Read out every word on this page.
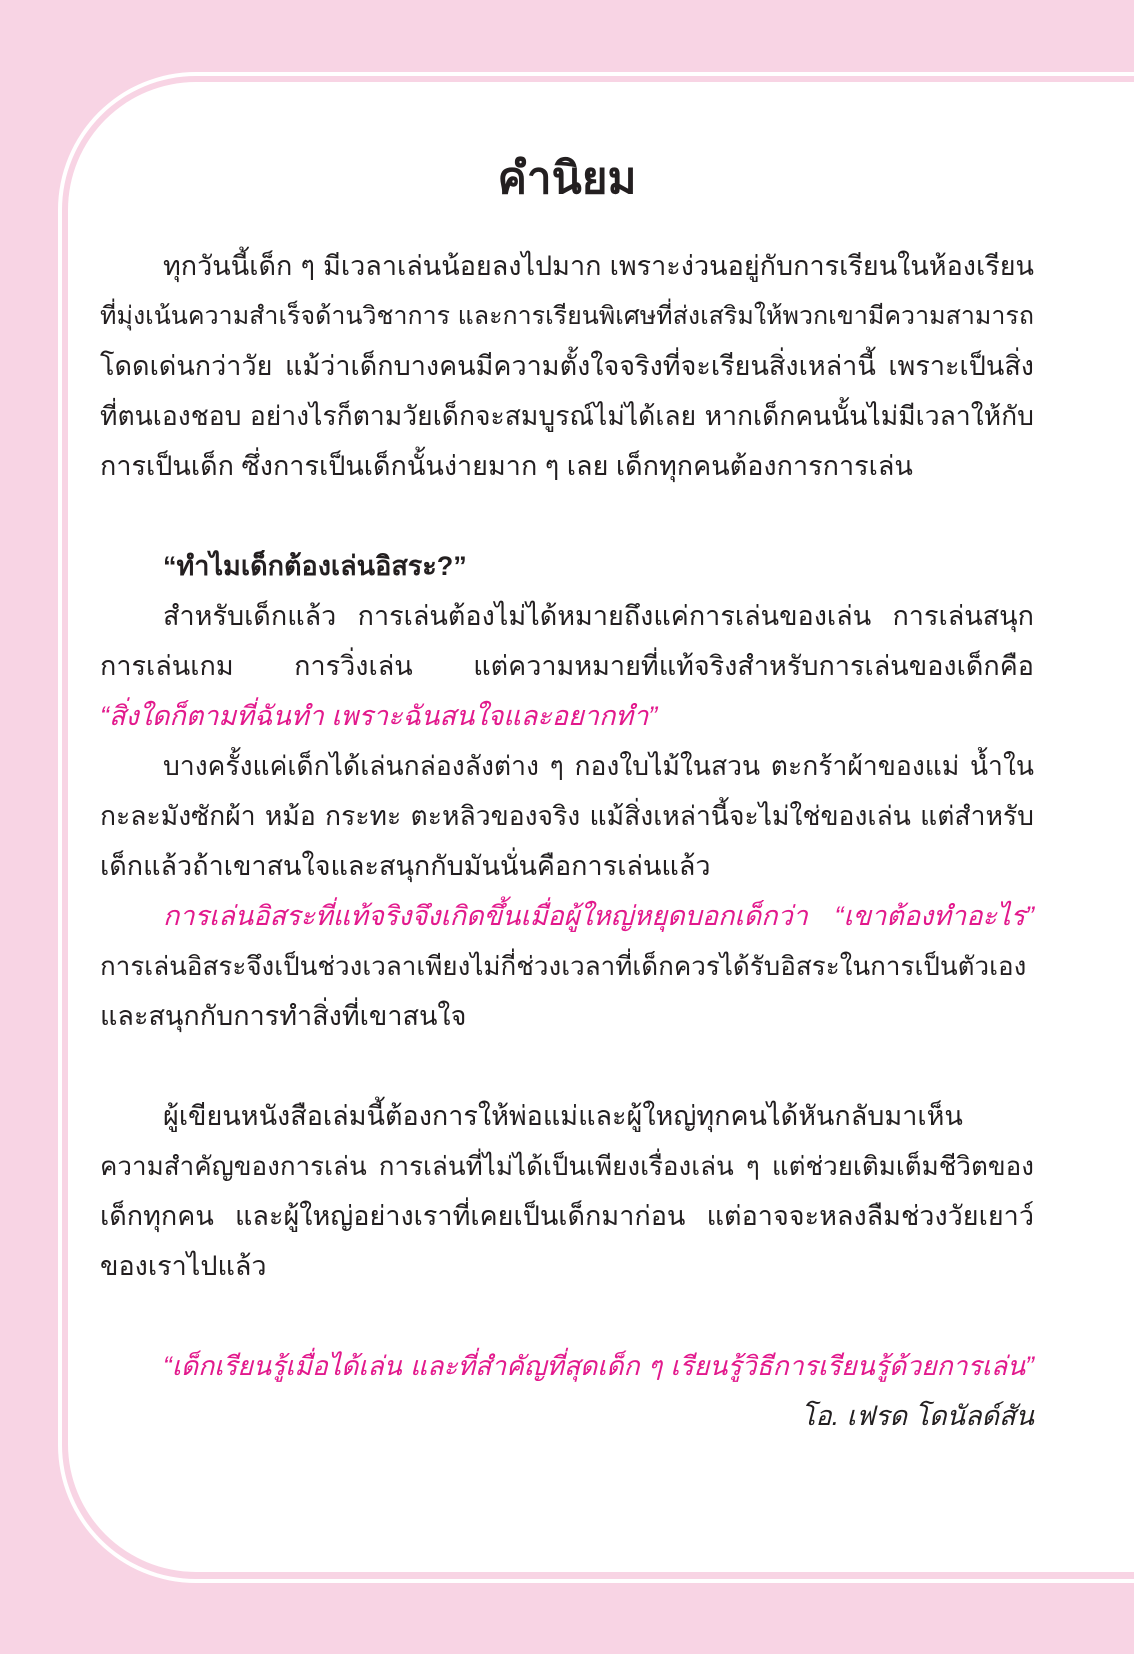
คำนิยม
ทุกวันนี้เด็ก ๆ มีเวลาเล่นน้อยลงไปมาก เพราะง่วนอยู่กับการเรียนในห้องเรียน
ที่มุ่งเน้นความสำเร็จด้านวิชาการ และการเรียนพิเศษที่ส่งเสริมให้พวกเขามีความสามารถ
โดดเด่นกว่าวัย แม้ว่าเด็กบางคนมีความตั้งใจจริงที่จะเรียนสิ่งเหล่านี้ เพราะเป็นสิ่ง
ที่ตนเองชอบ อย่างไรก็ตามวัยเด็กจะสมบูรณ์ไม่ได้เลย หากเด็กคนนั้นไม่มีเวลาให้กับ
การเป็นเด็ก ซึ่งการเป็นเด็กนั้นง่ายมาก ๆ เลย เด็กทุกคนต้องการการเล่น
“ทำไมเด็กต้องเล่นอิสระ?”
สำหรับเด็กแล้ว การเล่นต้องไม่ได้หมายถึงแค่การเล่นของเล่น การเล่นสนุก
การเล่นเกม การวิ่งเล่น แต่ความหมายที่แท้จริงสำหรับการเล่นของเด็กคือ
“สิ่งใดก็ตามที่ฉันทำ เพราะฉันสนใจและอยากทำ”
บางครั้งแค่เด็กได้เล่นกล่องลังต่าง ๆ กองใบไม้ในสวน ตะกร้าผ้าของแม่ น้ำใน
กะละมังซักผ้า หม้อ กระทะ ตะหลิวของจริง แม้สิ่งเหล่านี้จะไม่ใช่ของเล่น แต่สำหรับ
เด็กแล้วถ้าเขาสนใจและสนุกกับมันนั่นคือการเล่นแล้ว
การเล่นอิสระที่แท้จริงจึงเกิดขึ้นเมื่อผู้ใหญ่หยุดบอกเด็กว่า “เขาต้องทำอะไร”
การเล่นอิสระจึงเป็นช่วงเวลาเพียงไม่กี่ช่วงเวลาที่เด็กควรได้รับอิสระในการเป็นตัวเอง
และสนุกกับการทำสิ่งที่เขาสนใจ
ผู้เขียนหนังสือเล่มนี้ต้องการให้พ่อแม่และผู้ใหญ่ทุกคนได้หันกลับมาเห็น
ความสำคัญของการเล่น การเล่นที่ไม่ได้เป็นเพียงเรื่องเล่น ๆ แต่ช่วยเติมเต็มชีวิตของ
เด็กทุกคน และผู้ใหญ่อย่างเราที่เคยเป็นเด็กมาก่อน แต่อาจจะหลงลืมช่วงวัยเยาว์
ของเราไปแล้ว
“เด็กเรียนรู้เมื่อได้เล่น และที่สำคัญที่สุดเด็ก ๆ เรียนรู้วิธีการเรียนรู้ด้วยการเล่น”
โอ. เฟรด โดนัลด์สัน
